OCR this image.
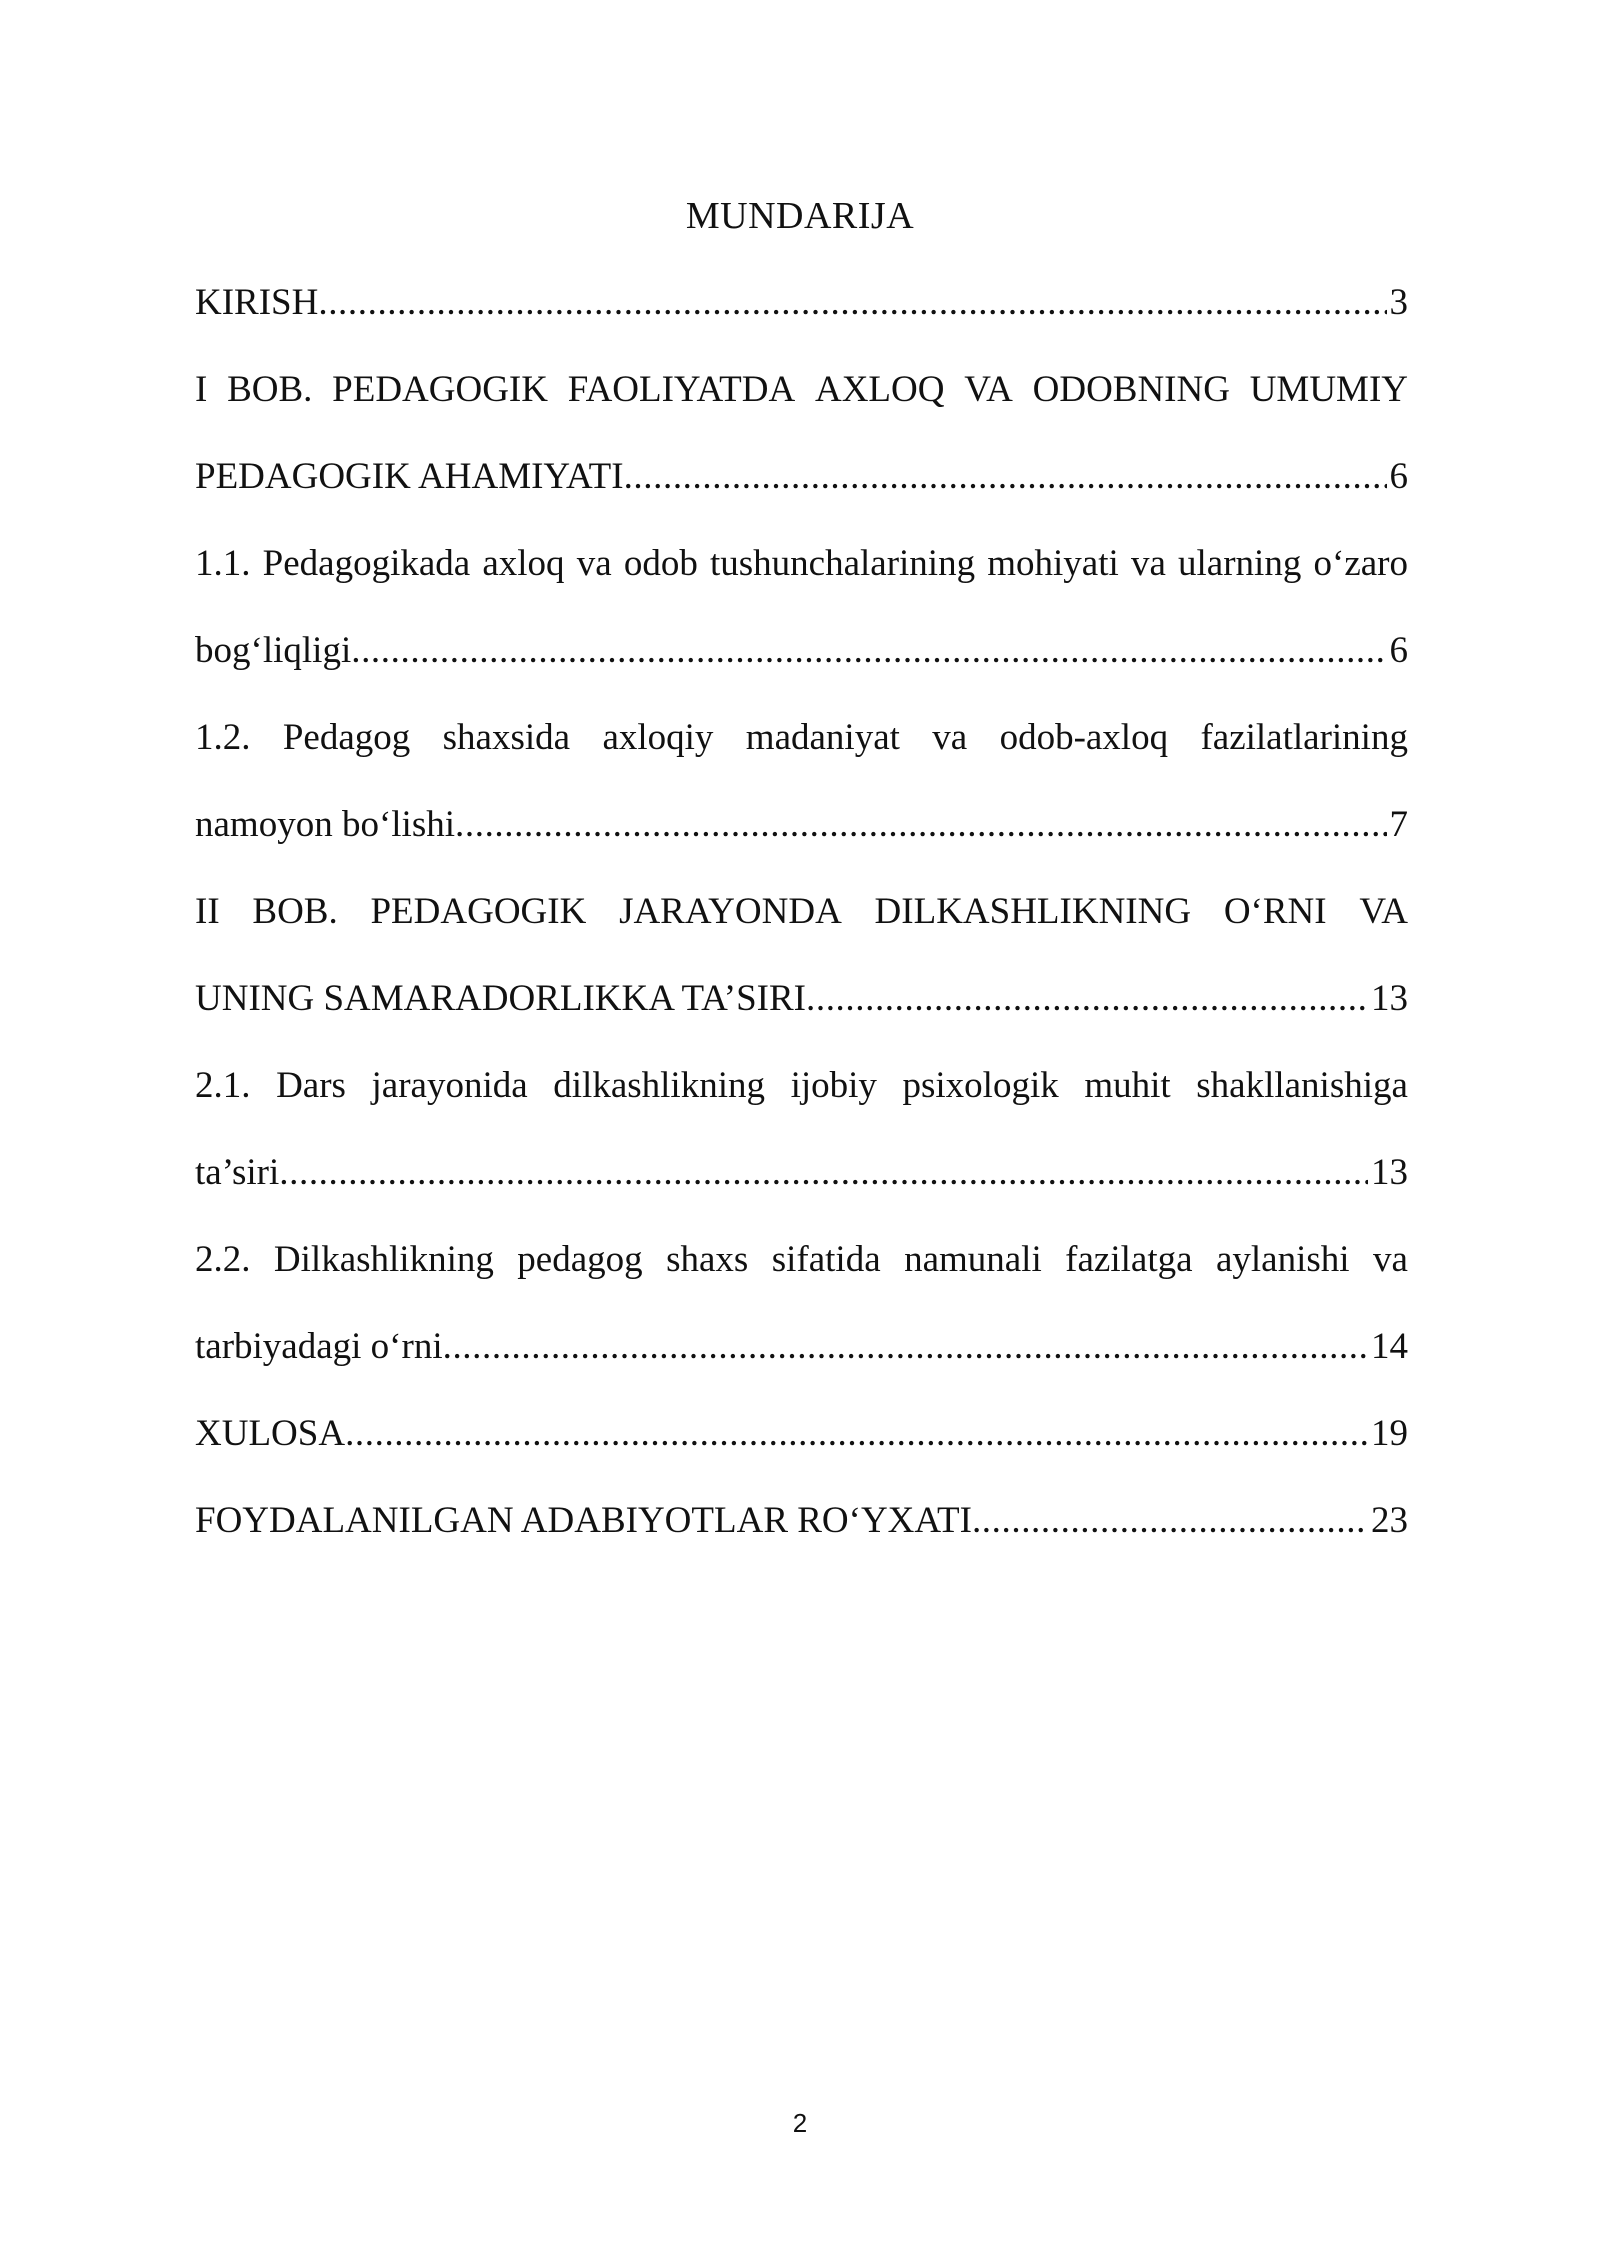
MUNDARIJA
KIRISH .....	3
I BOB. PEDAGOGIK FAOLIYATDA AXLOQ VA ODOBNING UMUMIY
PEDAGOGIK AHAMIYATI .....	6
1.1. Pedagogikada axloq va odob tushunchalarining mohiyati va ularning o‘zaro
bog‘liqligi .....	6
1.2. Pedagog shaxsida axloqiy madaniyat va odob-axloq fazilatlarining
namoyon bo‘lishi .....	7
II BOB. PEDAGOGIK JARAYONDA DILKASHLIKNING O‘RNI VA
UNING SAMARADORLIKKA TA’SIRI .....	13
2.1. Dars jarayonida dilkashlikning ijobiy psixologik muhit shakllanishiga
ta’siri .....	13
2.2. Dilkashlikning pedagog shaxs sifatida namunali fazilatga aylanishi va
tarbiyadagi o‘rni .....	14
XULOSA .....	19
FOYDALANILGAN ADABIYOTLAR RO‘YXATI .....	23
2
